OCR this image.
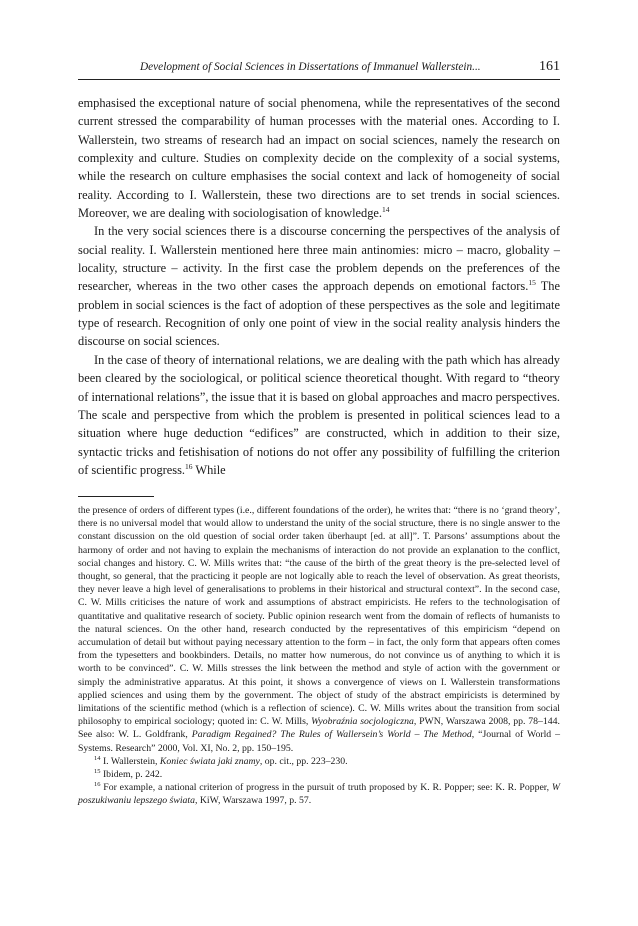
Development of Social Sciences in Dissertations of Immanuel Wallerstein...	161

emphasised the exceptional nature of social phenomena, while the representatives of the second current stressed the comparability of human processes with the material ones. According to I. Wallerstein, two streams of research had an impact on social sciences, namely the research on complexity and culture. Studies on complexity decide on the complexity of a social systems, while the research on culture emphasises the social context and lack of homogeneity of social reality. According to I. Wallerstein, these two directions are to set trends in social sciences. Moreover, we are dealing with sociologisation of knowledge.$^{14}$

In the very social sciences there is a discourse concerning the perspectives of the analysis of social reality. I. Wallerstein mentioned here three main antinomies: micro – macro, globality – locality, structure – activity. In the first case the problem depends on the preferences of the researcher, whereas in the two other cases the approach depends on emotional factors.$^{15}$ The problem in social sciences is the fact of adoption of these perspectives as the sole and legitimate type of research. Recognition of only one point of view in the social reality analysis hinders the discourse on social sciences.

In the case of theory of international relations, we are dealing with the path which has already been cleared by the sociological, or political science theoretical thought. With regard to “theory of international relations”, the issue that it is based on global approaches and macro perspectives. The scale and perspective from which the problem is presented in political sciences lead to a situation where huge deduction “edifices” are constructed, which in addition to their size, syntactic tricks and fetishisation of notions do not offer any possibility of fulfilling the criterion of scientific progress.$^{16}$ While

the presence of orders of different types (i.e., different foundations of the order), he writes that: “there is no ‘grand theory’, there is no universal model that would allow to understand the unity of the social structure, there is no single answer to the constant discussion on the old question of social order taken überhaupt [ed. at all]”. T. Parsons’ assumptions about the harmony of order and not having to explain the mechanisms of interaction do not provide an explanation to the conflict, social changes and history. C. W. Mills writes that: “the cause of the birth of the great theory is the pre-selected level of thought, so general, that the practicing it people are not logically able to reach the level of observation. As great theorists, they never leave a high level of generalisations to problems in their historical and structural context”. In the second case, C. W. Mills criticises the nature of work and assumptions of abstract empiricists. He refers to the technologisation of quantitative and qualitative research of society. Public opinion research went from the domain of reflects of humanists to the natural sciences. On the other hand, research conducted by the representatives of this empiricism “depend on accumulation of detail but without paying necessary attention to the form – in fact, the only form that appears often comes from the typesetters and bookbinders. Details, no matter how numerous, do not convince us of anything to which it is worth to be convinced”. C. W. Mills stresses the link between the method and style of action with the government or simply the administrative apparatus. At this point, it shows a convergence of views on I. Wallerstein transformations applied sciences and using them by the government. The object of study of the abstract empiricists is determined by limitations of the scientific method (which is a reflection of science). C. W. Mills writes about the transition from social philosophy to empirical sociology; quoted in: C. W. Mills, Wyobraźnia socjologiczna, PWN, Warszawa 2008, pp. 78–144. See also: W. L. Goldfrank, Paradigm Regained? The Rules of Wallersein’s World – The Method, “Journal of World – Systems. Research” 2000, Vol. XI, No. 2, pp. 150–195.

$^{14}$ I. Wallerstein, Koniec świata jaki znamy, op. cit., pp. 223–230.

$^{15}$ Ibidem, p. 242.

$^{16}$ For example, a national criterion of progress in the pursuit of truth proposed by K. R. Popper; see: K. R. Popper, W poszukiwaniu lepszego świata, KiW, Warszawa 1997, p. 57.
